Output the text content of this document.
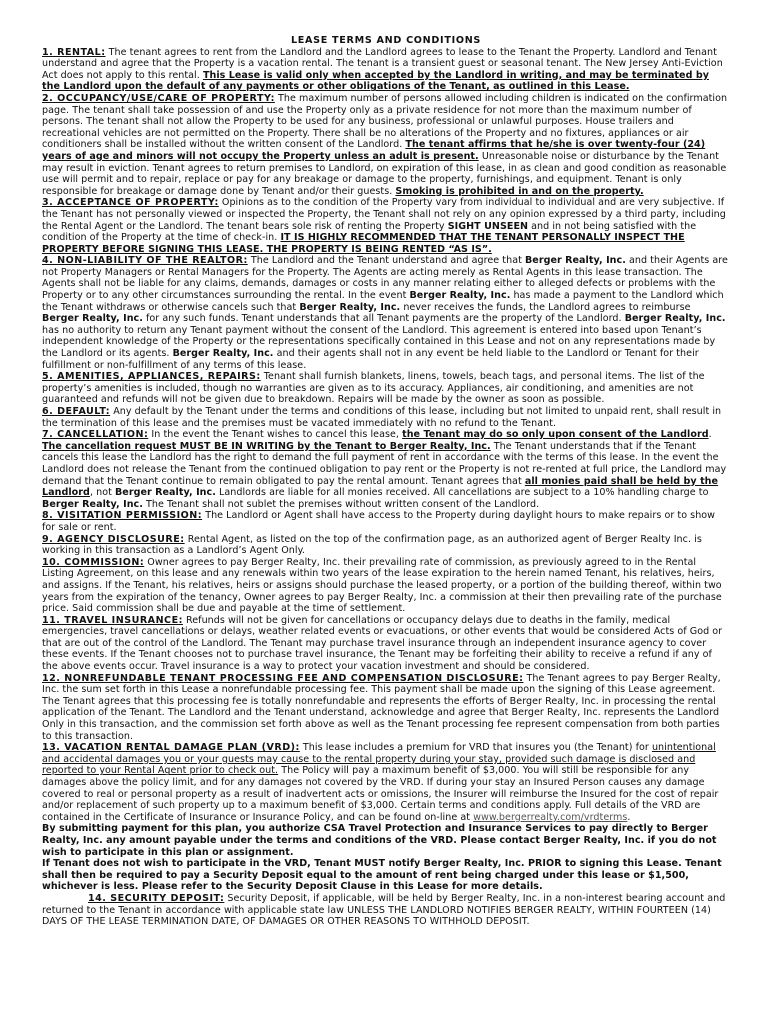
LEASE TERMS AND CONDITIONS

1. RENTAL: The tenant agrees to rent from the Landlord and the Landlord agrees to lease to the Tenant the Property. Landlord and Tenant understand and agree that the Property is a vacation rental. The tenant is a transient guest or seasonal tenant. The New Jersey Anti-Eviction Act does not apply to this rental. This Lease is valid only when accepted by the Landlord in writing, and may be terminated by the Landlord upon the default of any payments or other obligations of the Tenant, as outlined in this Lease.

2. OCCUPANCY/USE/CARE OF PROPERTY: The maximum number of persons allowed including children is indicated on the confirmation page. The tenant shall take possession of and use the Property only as a private residence for not more than the maximum number of persons. The tenant shall not allow the Property to be used for any business, professional or unlawful purposes. House trailers and recreational vehicles are not permitted on the Property. There shall be no alterations of the Property and no fixtures, appliances or air conditioners shall be installed without the written consent of the Landlord. The tenant affirms that he/she is over twenty-four (24) years of age and minors will not occupy the Property unless an adult is present. Unreasonable noise or disturbance by the Tenant may result in eviction. Tenant agrees to return premises to Landlord, on expiration of this lease, in as clean and good condition as reasonable use will permit and to repair, replace or pay for any breakage or damage to the property, furnishings, and equipment. Tenant is only responsible for breakage or damage done by Tenant and/or their guests. Smoking is prohibited in and on the property.

3. ACCEPTANCE OF PROPERTY: Opinions as to the condition of the Property vary from individual to individual and are very subjective. If the Tenant has not personally viewed or inspected the Property, the Tenant shall not rely on any opinion expressed by a third party, including the Rental Agent or the Landlord. The tenant bears sole risk of renting the Property SIGHT UNSEEN and in not being satisfied with the condition of the Property at the time of check-in. IT IS HIGHLY RECOMMENDED THAT THE TENANT PERSONALLY INSPECT THE PROPERTY BEFORE SIGNING THIS LEASE. THE PROPERTY IS BEING RENTED “AS IS”.

4. NON-LIABILITY OF THE REALTOR: The Landlord and the Tenant understand and agree that Berger Realty, Inc. and their Agents are not Property Managers or Rental Managers for the Property. The Agents are acting merely as Rental Agents in this lease transaction. The Agents shall not be liable for any claims, demands, damages or costs in any manner relating either to alleged defects or problems with the Property or to any other circumstances surrounding the rental. In the event Berger Realty, Inc. has made a payment to the Landlord which the Tenant withdraws or otherwise cancels such that Berger Realty, Inc. never receives the funds, the Landlord agrees to reimburse Berger Realty, Inc. for any such funds. Tenant understands that all Tenant payments are the property of the Landlord. Berger Realty, Inc. has no authority to return any Tenant payment without the consent of the Landlord. This agreement is entered into based upon Tenant’s independent knowledge of the Property or the representations specifically contained in this Lease and not on any representations made by the Landlord or its agents. Berger Realty, Inc. and their agents shall not in any event be held liable to the Landlord or Tenant for their fulfillment or non-fulfillment of any terms of this lease.

5. AMENITIES, APPLIANCES, REPAIRS: Tenant shall furnish blankets, linens, towels, beach tags, and personal items. The list of the property’s amenities is included, though no warranties are given as to its accuracy. Appliances, air conditioning, and amenities are not guaranteed and refunds will not be given due to breakdown. Repairs will be made by the owner as soon as possible.

6. DEFAULT: Any default by the Tenant under the terms and conditions of this lease, including but not limited to unpaid rent, shall result in the termination of this lease and the premises must be vacated immediately with no refund to the Tenant.

7. CANCELLATION: In the event the Tenant wishes to cancel this lease, the Tenant may do so only upon consent of the Landlord. The cancellation request MUST BE IN WRITING by the Tenant to Berger Realty, Inc. The Tenant understands that if the Tenant cancels this lease the Landlord has the right to demand the full payment of rent in accordance with the terms of this lease. In the event the Landlord does not release the Tenant from the continued obligation to pay rent or the Property is not re-rented at full price, the Landlord may demand that the Tenant continue to remain obligated to pay the rental amount. Tenant agrees that all monies paid shall be held by the Landlord, not Berger Realty, Inc. Landlords are liable for all monies received. All cancellations are subject to a 10% handling charge to Berger Realty, Inc. The Tenant shall not sublet the premises without written consent of the Landlord.

8. VISITATION PERMISSION: The Landlord or Agent shall have access to the Property during daylight hours to make repairs or to show for sale or rent.

9. AGENCY DISCLOSURE: Rental Agent, as listed on the top of the confirmation page, as an authorized agent of Berger Realty Inc. is working in this transaction as a Landlord’s Agent Only.

10. COMMISSION: Owner agrees to pay Berger Realty, Inc. their prevailing rate of commission, as previously agreed to in the Rental Listing Agreement, on this lease and any renewals within two years of the lease expiration to the herein named Tenant, his relatives, heirs, and assigns. If the Tenant, his relatives, heirs or assigns should purchase the leased property, or a portion of the building thereof, within two years from the expiration of the tenancy, Owner agrees to pay Berger Realty, Inc. a commission at their then prevailing rate of the purchase price. Said commission shall be due and payable at the time of settlement.

11. TRAVEL INSURANCE: Refunds will not be given for cancellations or occupancy delays due to deaths in the family, medical emergencies, travel cancellations or delays, weather related events or evacuations, or other events that would be considered Acts of God or that are out of the control of the Landlord. The Tenant may purchase travel insurance through an independent insurance agency to cover these events. If the Tenant chooses not to purchase travel insurance, the Tenant may be forfeiting their ability to receive a refund if any of the above events occur. Travel insurance is a way to protect your vacation investment and should be considered.

12. NONREFUNDABLE TENANT PROCESSING FEE AND COMPENSATION DISCLOSURE: The Tenant agrees to pay Berger Realty, Inc. the sum set forth in this Lease a nonrefundable processing fee. This payment shall be made upon the signing of this Lease agreement. The Tenant agrees that this processing fee is totally nonrefundable and represents the efforts of Berger Realty, Inc. in processing the rental application of the Tenant. The Landlord and the Tenant understand, acknowledge and agree that Berger Realty, Inc. represents the Landlord Only in this transaction, and the commission set forth above as well as the Tenant processing fee represent compensation from both parties to this transaction.

13. VACATION RENTAL DAMAGE PLAN (VRD): This lease includes a premium for VRD that insures you (the Tenant) for unintentional and accidental damages you or your guests may cause to the rental property during your stay, provided such damage is disclosed and reported to your Rental Agent prior to check out. The Policy will pay a maximum benefit of $3,000. You will still be responsible for any damages above the policy limit, and for any damages not covered by the VRD. If during your stay an Insured Person causes any damage covered to real or personal property as a result of inadvertent acts or omissions, the Insurer will reimburse the Insured for the cost of repair and/or replacement of such property up to a maximum benefit of $3,000. Certain terms and conditions apply. Full details of the VRD are contained in the Certificate of Insurance or Insurance Policy, and can be found on-line at www.bergerrealty.com/vrdterms.

By submitting payment for this plan, you authorize CSA Travel Protection and Insurance Services to pay directly to Berger Realty, Inc. any amount payable under the terms and conditions of the VRD. Please contact Berger Realty, Inc. if you do not wish to participate in this plan or assignment.

If Tenant does not wish to participate in the VRD, Tenant MUST notify Berger Realty, Inc. PRIOR to signing this Lease. Tenant shall then be required to pay a Security Deposit equal to the amount of rent being charged under this lease or $1,500, whichever is less. Please refer to the Security Deposit Clause in this Lease for more details.

14. SECURITY DEPOSIT: Security Deposit, if applicable, will be held by Berger Realty, Inc. in a non-interest bearing account and returned to the Tenant in accordance with applicable state law UNLESS THE LANDLORD NOTIFIES BERGER REALTY, WITHIN FOURTEEN (14) DAYS OF THE LEASE TERMINATION DATE, OF DAMAGES OR OTHER REASONS TO WITHHOLD DEPOSIT.
